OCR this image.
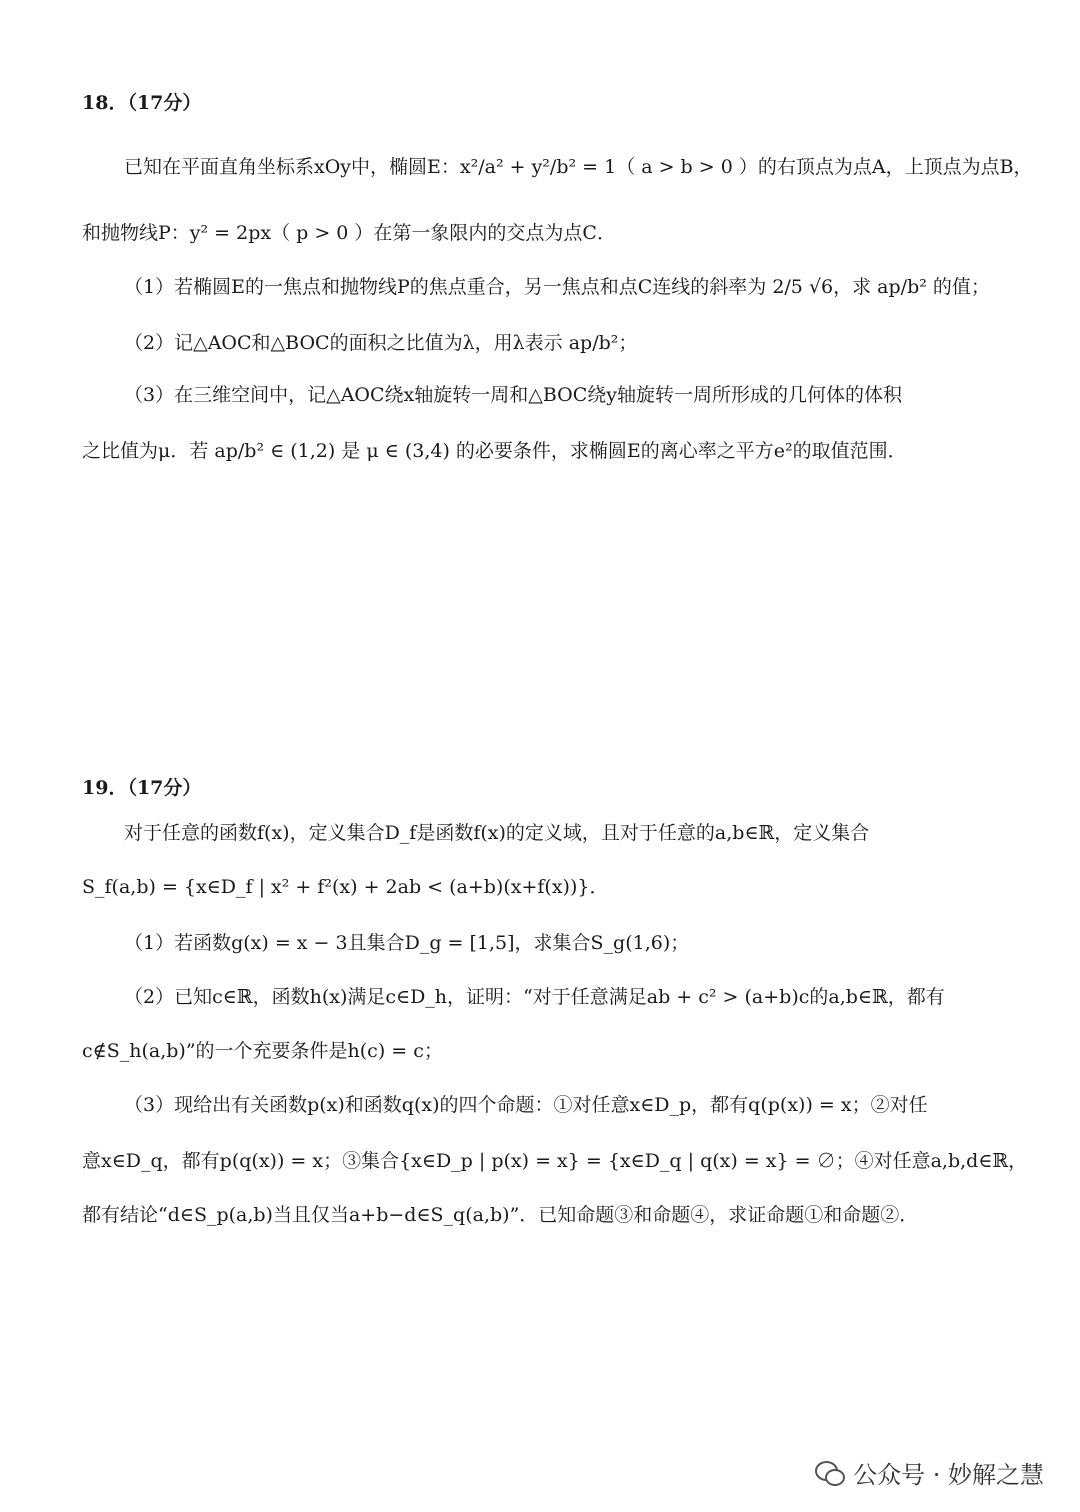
18．（17分）
已知在平面直角坐标系xOy中，椭圆E：x²/a² + y²/b² = 1（ a > b > 0 ）的右顶点为点A，上顶点为点B，
和抛物线P：y² = 2px（ p > 0 ）在第一象限内的交点为点C．
（1）若椭圆E的一焦点和抛物线P的焦点重合，另一焦点和点C连线的斜率为 2/5 √6，求 ap/b² 的值；
（2）记△AOC和△BOC的面积之比值为λ，用λ表示 ap/b²；
（3）在三维空间中，记△AOC绕x轴旋转一周和△BOC绕y轴旋转一周所形成的几何体的体积
之比值为μ．若 ap/b² ∈ (1,2) 是 μ ∈ (3,4) 的必要条件，求椭圆E的离心率之平方e²的取值范围．
19．（17分）
对于任意的函数f(x)，定义集合D_f是函数f(x)的定义域，且对于任意的a,b∈ℝ，定义集合
S_f(a,b) = {x∈D_f | x² + f²(x) + 2ab < (a+b)(x+f(x))}．
（1）若函数g(x) = x − 3且集合D_g = [1,5]，求集合S_g(1,6)；
（2）已知c∈ℝ，函数h(x)满足c∈D_h，证明：“对于任意满足ab + c² > (a+b)c的a,b∈ℝ，都有
c∉S_h(a,b)”的一个充要条件是h(c) = c；
（3）现给出有关函数p(x)和函数q(x)的四个命题：①对任意x∈D_p，都有q(p(x)) = x；②对任
意x∈D_q，都有p(q(x)) = x；③集合{x∈D_p | p(x) = x} = {x∈D_q | q(x) = x} = ∅；④对任意a,b,d∈ℝ，
都有结论“d∈S_p(a,b)当且仅当a+b−d∈S_q(a,b)”．已知命题③和命题④，求证命题①和命题②．
公众号 · 妙解之慧
